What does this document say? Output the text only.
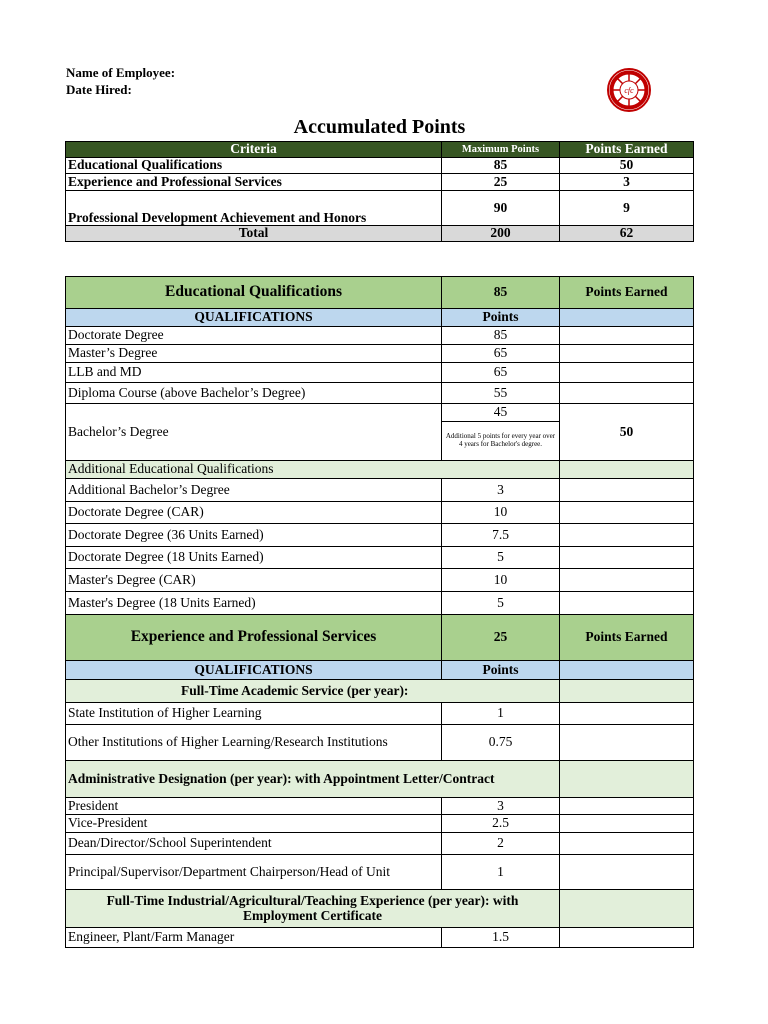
Name of Employee:
Date Hired:	cfc
Accumulated Points
Criteria	Maximum Points	Points Earned
Educational Qualifications	85	50
Experience and Professional Services	25	3
Professional Development Achievement and Honors	90	9
Total	200	62
Educational Qualifications	85	Points Earned
QUALIFICATIONS	Points	
Doctorate Degree	85	
Master’s Degree	65	
LLB and MD	65	
Diploma Course (above Bachelor’s Degree)	55	
Bachelor’s Degree	45	50
	Additional 5 points for every year over 4 years for Bachelor's degree.	
Additional Educational Qualifications		
Additional Bachelor’s Degree	3	
Doctorate Degree (CAR)	10	
Doctorate Degree (36 Units Earned)	7.5	
Doctorate Degree (18 Units Earned)	5	
Master's Degree (CAR)	10	
Master's Degree (18 Units Earned)	5	
Experience and Professional Services	25	Points Earned
QUALIFICATIONS	Points	
Full-Time Academic Service (per year):		
State Institution of Higher Learning	1	
Other Institutions of Higher Learning/Research Institutions	0.75	
Administrative Designation (per year): with Appointment Letter/Contract		
President	3	
Vice-President	2.5	
Dean/Director/School Superintendent	2	
Principal/Supervisor/Department Chairperson/Head of Unit	1	
Full-Time Industrial/Agricultural/Teaching Experience (per year): with Employment Certificate		
Engineer, Plant/Farm Manager	1.5	
